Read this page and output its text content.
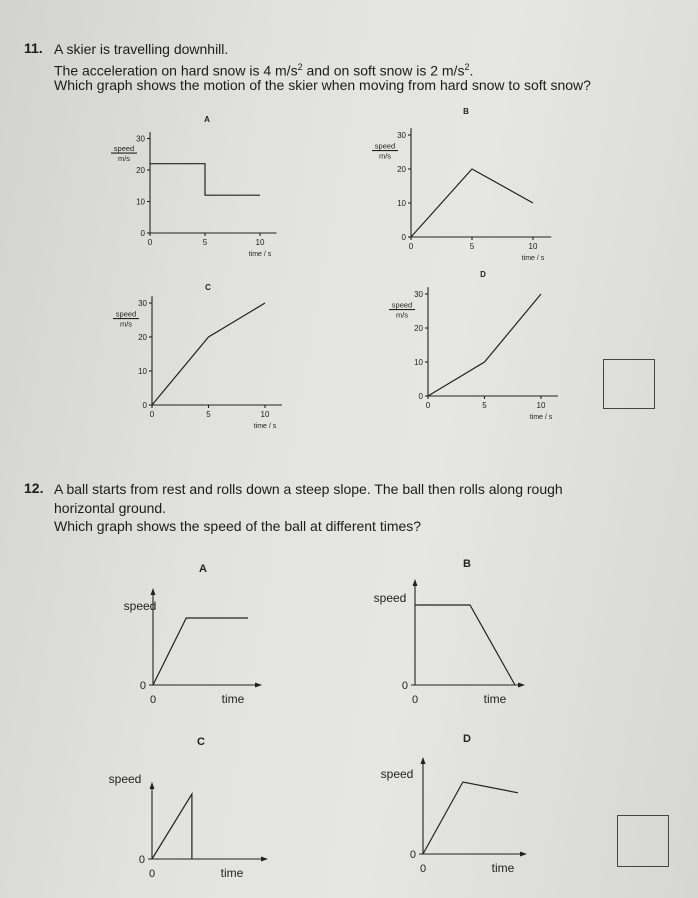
11. A skier is travelling downhill.
The acceleration on hard snow is 4 $m/s^2$ and on soft snow is 2 $m/s^2$.
Which graph shows the motion of the skier when moving from hard snow to soft snow?
A
0
10
20
30
0	5	10
speed
m/s
time / s
B
0
10
20
30
0	5	10
speed
m/s
time / s
C
0
10
20
30
0	5	10
speed
m/s
time / s
D
0
10
20
30
0	5	10
speed
m/s
time / s
12. A ball starts from rest and rolls down a steep slope. The ball then rolls along rough
horizontal ground.
Which graph shows the speed of the ball at different times?
A
0
0
speed
time
B
0
0
speed
time
C
0
0
speed
time
D
0
0
speed
time
